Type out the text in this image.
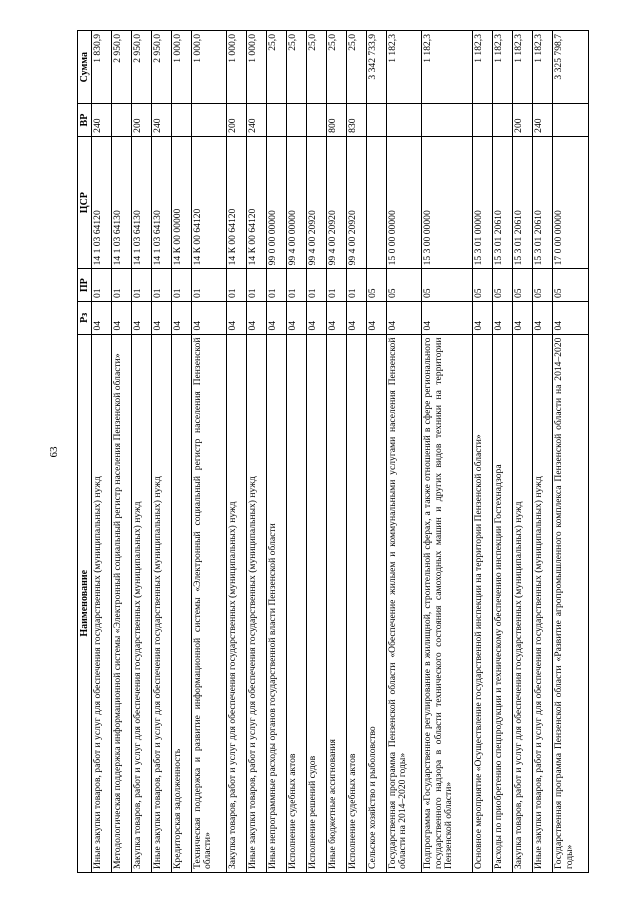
63
Наименование	Рз	ПР	ЦСР	ВР	Сумма
Иные закупки товаров, работ и услуг для обеспечения государственных (муниципальных) нужд	04	01	14 1 03 64120	240	1 830,9
Методологическая поддержка информационной системы «Электронный социальный регистр населения Пензенской области»	04	01	14 1 03 64130		2 950,0
Закупка товаров, работ и услуг для обеспечения государственных (муниципальных) нужд	04	01	14 1 03 64130	200	2 950,0
Иные закупки товаров, работ и услуг для обеспечения государственных (муниципальных) нужд	04	01	14 1 03 64130	240	2 950,0
Кредиторская задолженность	04	01	14 К 00 00000		1 000,0
Техническая поддержка и развитие информационной системы «Электронный социальный регистр населения Пензенской области»	04	01	14 К 00 64120		1 000,0
Закупка товаров, работ и услуг для обеспечения государственных (муниципальных) нужд	04	01	14 К 00 64120	200	1 000,0
Иные закупки товаров, работ и услуг для обеспечения государственных (муниципальных) нужд	04	01	14 К 00 64120	240	1 000,0
Иные непрограммные расходы органов государственной власти Пензенской области	04	01	99 0 00 00000		25,0
Исполнение судебных актов	04	01	99 4 00 00000		25,0
Исполнение решений судов	04	01	99 4 00 20920		25,0
Иные бюджетные ассигнования	04	01	99 4 00 20920	800	25,0
Исполнение судебных актов	04	01	99 4 00 20920	830	25,0
Сельское хозяйство и рыболовство	04	05			3 342 733,9
Государственная программа Пензенской области «Обеспечение жилыем и коммунальными услугами населения Пензенской области на 2014–2020 годы»	04	05	15 0 00 00000		1 182,3
Подпрограмма «Государственное регулирование в жилищной, строительной сферах, а также отношений в сфере регионального государственного надзора в области технического состояния самоходных машин и других видов техники на территории Пензенской области»	04	05	15 3 00 00000		1 182,3
Основное мероприятие «Осуществление государственной инспекции на территории Пензенской области»	04	05	15 3 01 00000		1 182,3
Расходы по приобретению спецпродукции и техническому обеспечению инспекции Гостехнадзора	04	05	15 3 01 20610		1 182,3
Закупка товаров, работ и услуг для обеспечения государственных (муниципальных) нужд	04	05	15 3 01 20610	200	1 182,3
Иные закупки товаров, работ и услуг для обеспечения государственных (муниципальных) нужд	04	05	15 3 01 20610	240	1 182,3
Государственная программа Пензенской области «Развитие агропромышленного комплекса Пензенской области на 2014–2020 годы»	04	05	17 0 00 00000		3 325 798,7
